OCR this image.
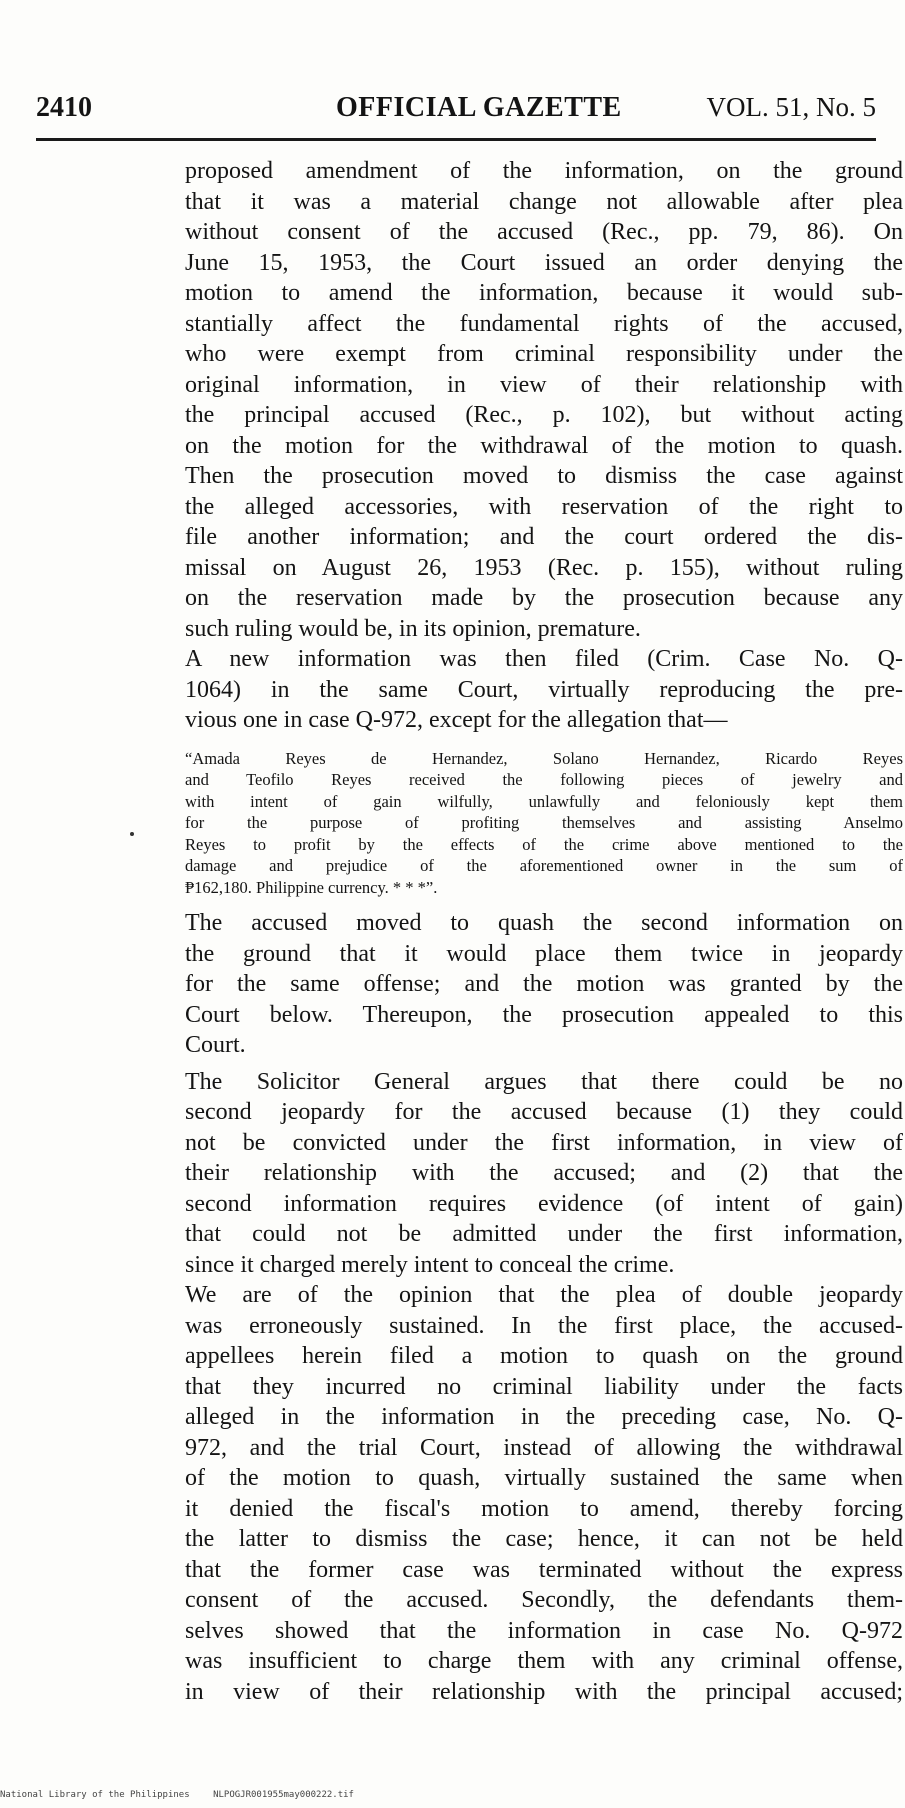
2410	OFFICIAL GAZETTE	VOL. 51, No. 5

proposed amendment of the information, on the ground
that it was a material change not allowable after plea
without consent of the accused (Rec., pp. 79, 86). On
June 15, 1953, the Court issued an order denying the
motion to amend the information, because it would sub-
stantially affect the fundamental rights of the accused,
who were exempt from criminal responsibility under the
original information, in view of their relationship with
the principal accused (Rec., p. 102), but without acting
on the motion for the withdrawal of the motion to quash.
Then the prosecution moved to dismiss the case against
the alleged accessories, with reservation of the right to
file another information; and the court ordered the dis-
missal on August 26, 1953 (Rec. p. 155), without ruling
on the reservation made by the prosecution because any
such ruling would be, in its opinion, premature.

A new information was then filed (Crim. Case No. Q-
1064) in the same Court, virtually reproducing the pre-
vious one in case Q-972, except for the allegation that—

“Amada Reyes de Hernandez, Solano Hernandez, Ricardo Reyes
and Teofilo Reyes received the following pieces of jewelry and
with intent of gain wilfully, unlawfully and feloniously kept them
for the purpose of profiting themselves and assisting Anselmo
Reyes to profit by the effects of the crime above mentioned to the
damage and prejudice of the aforementioned owner in the sum of
₱162,180. Philippine currency. * * *”.

The accused moved to quash the second information on
the ground that it would place them twice in jeopardy
for the same offense; and the motion was granted by the
Court below. Thereupon, the prosecution appealed to this
Court.

The Solicitor General argues that there could be no
second jeopardy for the accused because (1) they could
not be convicted under the first information, in view of
their relationship with the accused; and (2) that the
second information requires evidence (of intent of gain)
that could not be admitted under the first information,
since it charged merely intent to conceal the crime.

We are of the opinion that the plea of double jeopardy
was erroneously sustained. In the first place, the accused-
appellees herein filed a motion to quash on the ground
that they incurred no criminal liability under the facts
alleged in the information in the preceding case, No. Q-
972, and the trial Court, instead of allowing the withdrawal
of the motion to quash, virtually sustained the same when
it denied the fiscal's motion to amend, thereby forcing
the latter to dismiss the case; hence, it can not be held
that the former case was terminated without the express
consent of the accused. Secondly, the defendants them-
selves showed that the information in case No. Q-972
was insufficient to charge them with any criminal offense,
in view of their relationship with the principal accused;

National Library of the Philippines	NLPOGJR001955may000222.tif
